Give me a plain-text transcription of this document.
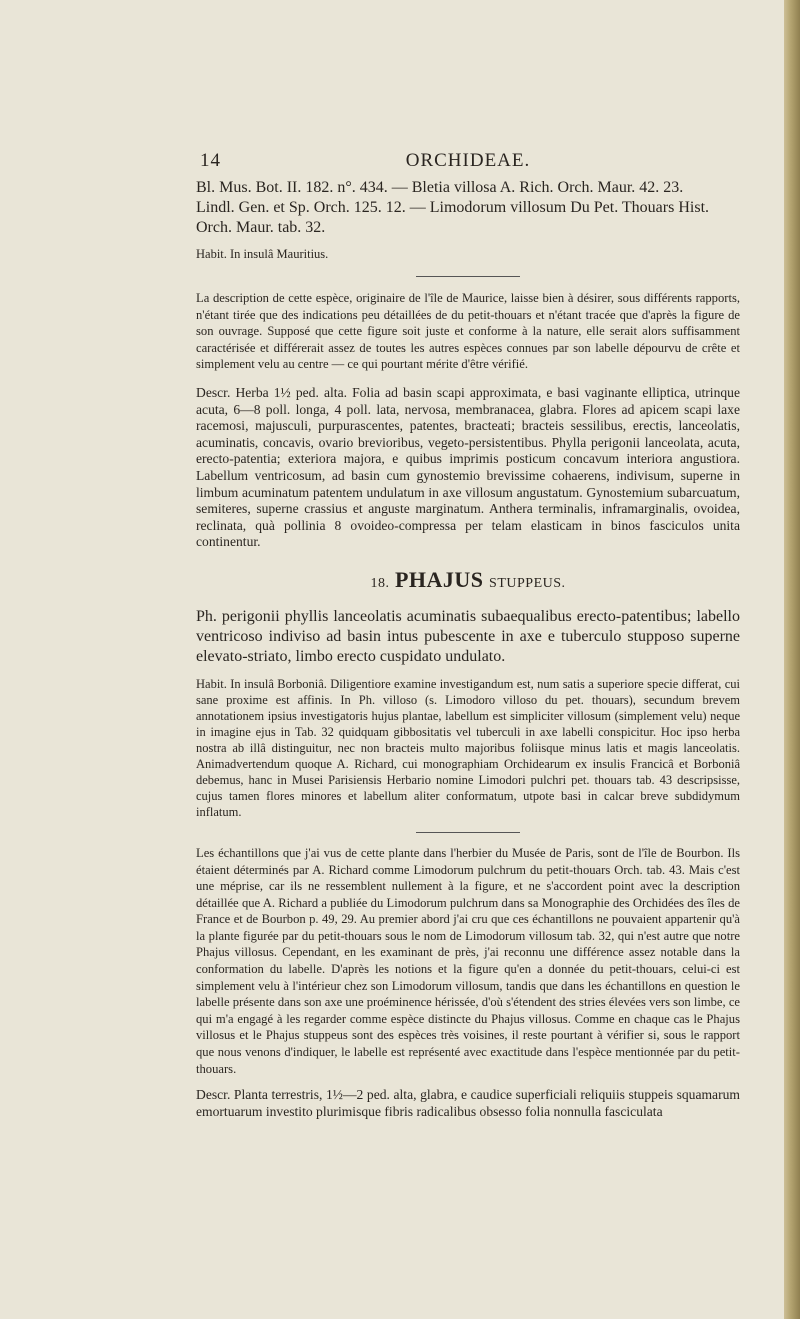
14	ORCHIDEAE.

Bl. Mus. Bot. II. 182. n°. 434. — Bletia villosa A. Rich. Orch. Maur. 42. 23.

Lindl. Gen. et Sp. Orch. 125. 12. — Limodorum villosum Du Pet. Thouars Hist.

Orch. Maur. tab. 32.

Habit. In insulâ Mauritius.

La description de cette espèce, originaire de l'île de Maurice, laisse bien à désirer, sous différents rapports, n'étant tirée que des indications peu détaillées de du petit-thouars et n'étant tracée que d'après la figure de son ouvrage. Supposé que cette figure soit juste et conforme à la nature, elle serait alors suffisamment caractérisée et différerait assez de toutes les autres espèces connues par son labelle dépourvu de crête et simplement velu au centre — ce qui pourtant mérite d'être vérifié.

Descr. Herba 1½ ped. alta. Folia ad basin scapi approximata, e basi vaginante elliptica, utrinque acuta, 6—8 poll. longa, 4 poll. lata, nervosa, membranacea, glabra. Flores ad apicem scapi laxe racemosi, majusculi, purpurascentes, patentes, bracteati; bracteis sessilibus, erectis, lanceolatis, acuminatis, concavis, ovario brevioribus, vegeto-persistentibus. Phylla perigonii lanceolata, acuta, erecto-patentia; exteriora majora, e quibus imprimis posticum concavum interiora angustiora. Labellum ventricosum, ad basin cum gynostemio brevissime cohaerens, indivisum, superne in limbum acuminatum patentem undulatum in axe villosum angustatum. Gynostemium subarcuatum, semiteres, superne crassius et anguste marginatum. Anthera terminalis, inframarginalis, ovoidea, reclinata, quà pollinia 8 ovoideo-compressa per telam elasticam in binos fasciculos unita continentur.

18. PHAJUS STUPPEUS.

Ph. perigonii phyllis lanceolatis acuminatis subaequalibus erecto-patentibus; labello ventricoso indiviso ad basin intus pubescente in axe e tuberculo stupposo superne elevato-striato, limbo erecto cuspidato undulato.

Habit. In insulâ Borboniâ. Diligentiore examine investigandum est, num satis a superiore specie differat, cui sane proxime est affinis. In Ph. villoso (s. Limodoro villoso du pet. thouars), secundum brevem annotationem ipsius investigatoris hujus plantae, labellum est simpliciter villosum (simplement velu) neque in imagine ejus in Tab. 32 quidquam gibbositatis vel tuberculi in axe labelli conspicitur. Hoc ipso herba nostra ab illâ distinguitur, nec non bracteis multo majoribus foliisque minus latis et magis lanceolatis. Animadvertendum quoque A. Richard, cui monographiam Orchidearum ex insulis Francicâ et Borboniâ debemus, hanc in Musei Parisiensis Herbario nomine Limodori pulchri pet. thouars tab. 43 descripsisse, cujus tamen flores minores et labellum aliter conformatum, utpote basi in calcar breve subdidymum inflatum.

Les échantillons que j'ai vus de cette plante dans l'herbier du Musée de Paris, sont de l'île de Bourbon. Ils étaient déterminés par A. Richard comme Limodorum pulchrum du petit-thouars Orch. tab. 43. Mais c'est une méprise, car ils ne ressemblent nullement à la figure, et ne s'accordent point avec la description détaillée que A. Richard a publiée du Limodorum pulchrum dans sa Monographie des Orchidées des îles de France et de Bourbon p. 49, 29. Au premier abord j'ai cru que ces échantillons ne pouvaient appartenir qu'à la plante figurée par du petit-thouars sous le nom de Limodorum villosum tab. 32, qui n'est autre que notre Phajus villosus. Cependant, en les examinant de près, j'ai reconnu une différence assez notable dans la conformation du labelle. D'après les notions et la figure qu'en a donnée du petit-thouars, celui-ci est simplement velu à l'intérieur chez son Limodorum villosum, tandis que dans les échantillons en question le labelle présente dans son axe une proéminence hérissée, d'où s'étendent des stries élevées vers son limbe, ce qui m'a engagé à les regarder comme espèce distincte du Phajus villosus. Comme en chaque cas le Phajus villosus et le Phajus stuppeus sont des espèces très voisines, il reste pourtant à vérifier si, sous le rapport que nous venons d'indiquer, le labelle est représenté avec exactitude dans l'espèce mentionnée par du petit-thouars.

Descr. Planta terrestris, 1½—2 ped. alta, glabra, e caudice superficiali reliquiis stuppeis squamarum emortuarum investito plurimisque fibris radicalibus obsesso folia nonnulla fasciculata
